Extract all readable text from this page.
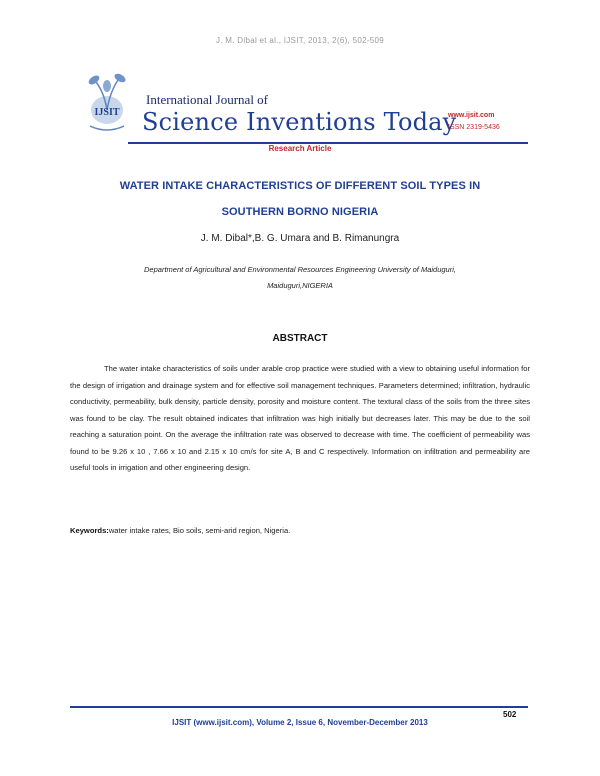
J. M. Dibal et al., IJSIT, 2013, 2(6), 502-509
IJSIT
International Journal of
Science Inventions Today
www.ijsit.com
ISSN 2319-5436
Research Article
WATER INTAKE CHARACTERISTICS OF DIFFERENT SOIL TYPES IN
SOUTHERN BORNO NIGERIA
J. M. Dibal*,B. G. Umara and B. Rimanungra
Department of Agricultural and Environmental Resources Engineering University of Maiduguri,
Maiduguri,NIGERIA
ABSTRACT
The water intake characteristics of soils under arable crop practice were studied with a view to obtaining useful information for the design of irrigation and drainage system and for effective soil management techniques. Parameters determined; infiltration, hydraulic conductivity, permeability, bulk density, particle density, porosity and moisture content. The textural class of the soils from the three sites was found to be clay. The result obtained indicates that infiltration was high initially but decreases later. This may be due to the soil reaching a saturation point. On the average the infiltration rate was observed to decrease with time. The coefficient of permeability was found to be 9.26 x 10 , 7.66 x 10 and 2.15 x 10 cm/s for site A, B and C respectively. Information on infiltration and permeability are useful tools in irrigation and other engineering design.
Keywords:water intake rates, Bio soils, semi-arid region, Nigeria.
502
IJSIT (www.ijsit.com), Volume 2, Issue 6, November-December 2013
